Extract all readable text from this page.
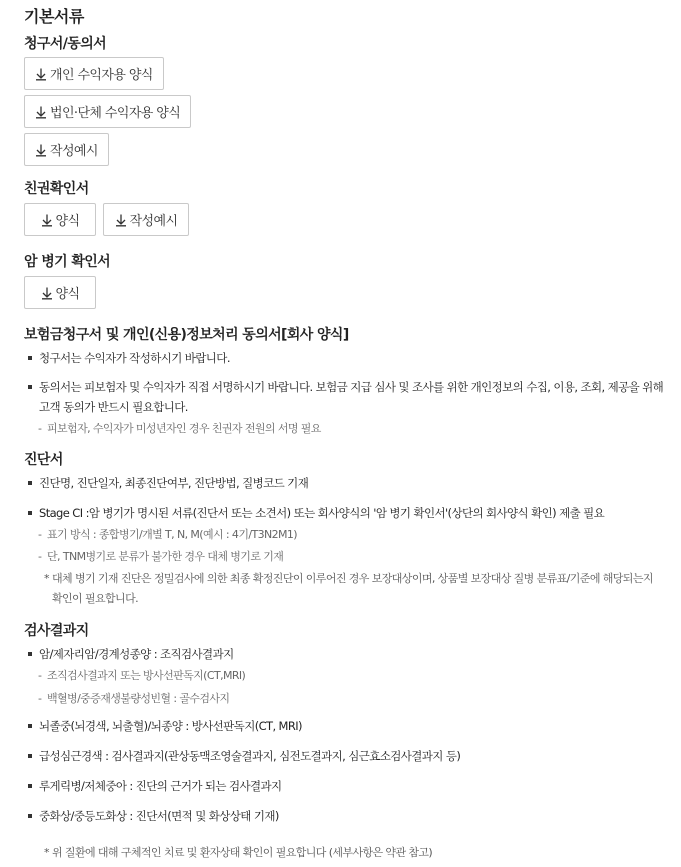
기본서류
청구서/동의서
개인 수익자용 양식
법인·단체 수익자용 양식
작성예시
친권확인서
양식	작성예시
암 병기 확인서
양식
보험금청구서 및 개인(신용)정보처리 동의서[회사 양식]
청구서는 수익자가 작성하시기 바랍니다.
동의서는 피보험자 및 수익자가 직접 서명하시기 바랍니다. 보험금 지급 심사 및 조사를 위한 개인정보의 수집, 이용, 조회, 제공을 위해 고객 동의가 반드시 필요합니다.
- 피보험자, 수익자가 미성년자인 경우 친권자 전원의 서명 필요
진단서
진단명, 진단일자, 최종진단여부, 진단방법, 질병코드 기재
Stage CI :암 병기가 명시된 서류(진단서 또는 소견서) 또는 회사양식의 '암 병기 확인서'(상단의 회사양식 확인) 제출 필요
- 표기 방식 : 종합병기/개별 T, N, M(예시 : 4기/T3N2M1)
- 단, TNM병기로 분류가 불가한 경우 대체 병기로 기재
* 대체 병기 기재 진단은 정밀검사에 의한 최종 확정진단이 이루어진 경우 보장대상이며, 상품별 보장대상 질병 분류표/기준에 해당되는지 확인이 필요합니다.
검사결과지
암/제자리암/경계성종양 : 조직검사결과지
- 조직검사결과지 또는 방사선판독지(CT,MRI)
- 백혈병/중증재생불량성빈혈 : 골수검사지
뇌졸중(뇌경색, 뇌출혈)/뇌종양 : 방사선판독지(CT, MRI)
급성심근경색 : 검사결과지(관상동맥조영술결과지, 심전도결과지, 심근효소검사결과지 등)
루게릭병/저체중아 : 진단의 근거가 되는 검사결과지
중화상/중등도화상 : 진단서(면적 및 화상상태 기재)
* 위 질환에 대해 구체적인 치료 및 환자상태 확인이 필요합니다 (세부사항은 약관 참고)
